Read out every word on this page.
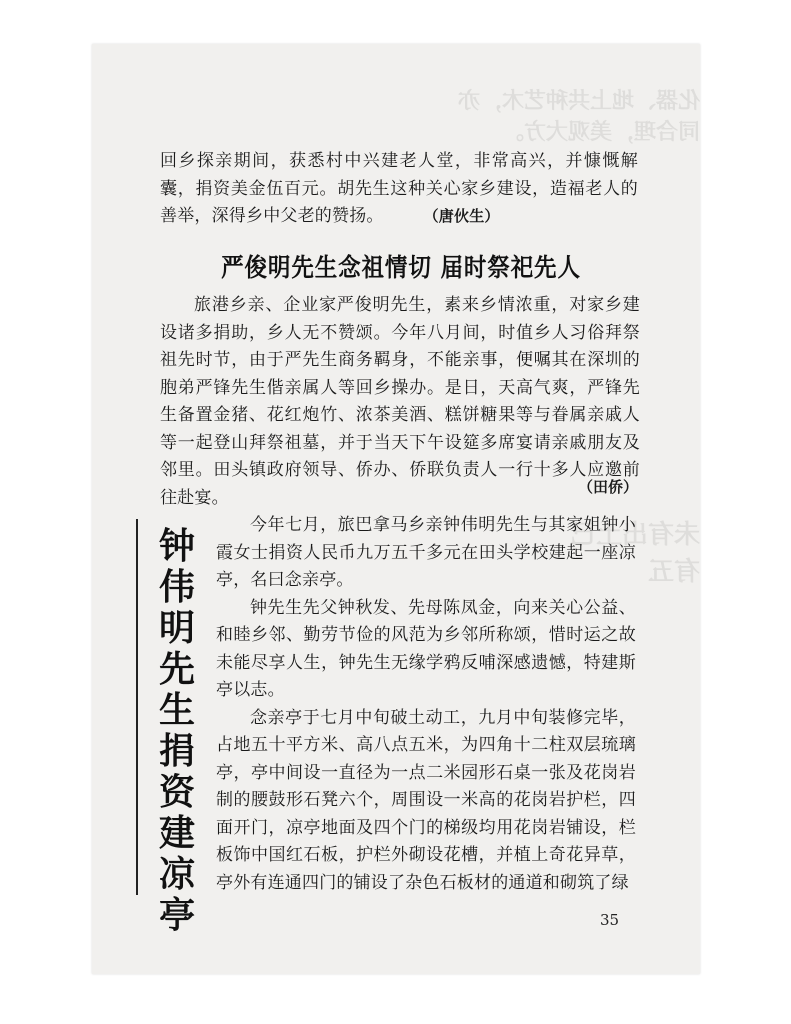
化器、地上共种艺木，亦同合理，美观大方。
未有出土已有五
回乡探亲期间，获悉村中兴建老人堂，非常高兴，并慷慨解囊，捐资美金伍百元。胡先生这种关心家乡建设，造福老人的善举，深得乡中父老的赞扬。	（唐伙生）
严俊明先生念祖情切 届时祭祀先人
旅港乡亲、企业家严俊明先生，素来乡情浓重，对家乡建设诸多捐助，乡人无不赞颂。今年八月间，时值乡人习俗拜祭祖先时节，由于严先生商务羁身，不能亲事，便嘱其在深圳的胞弟严锋先生偕亲属人等回乡操办。是日，天高气爽，严锋先生备置金猪、花红炮竹、浓茶美酒、糕饼糖果等与眷属亲戚人等一起登山拜祭祖墓，并于当天下午设筵多席宴请亲戚朋友及邻里。田头镇政府领导、侨办、侨联负责人一行十多人应邀前往赴宴。
（田侨）
钟伟明先生捐资建凉亭

今年七月，旅巴拿马乡亲钟伟明先生与其家姐钟小霞女士捐资人民币九万五千多元在田头学校建起一座凉亭，名曰念亲亭。

钟先生先父钟秋发、先母陈凤金，向来关心公益、和睦乡邻、勤劳节俭的风范为乡邻所称颂，惜时运之故未能尽享人生，钟先生无缘学鸦反哺深感遗憾，特建斯亭以志。

念亲亭于七月中旬破土动工，九月中旬装修完毕，占地五十平方米、高八点五米，为四角十二柱双层琉璃亭，亭中间设一直径为一点二米园形石桌一张及花岗岩制的腰鼓形石凳六个，周围设一米高的花岗岩护栏，四面开门，凉亭地面及四个门的梯级均用花岗岩铺设，栏板饰中国红石板，护栏外砌设花槽，并植上奇花异草，亭外有连通四门的铺设了杂色石板材的通道和砌筑了绿

35
